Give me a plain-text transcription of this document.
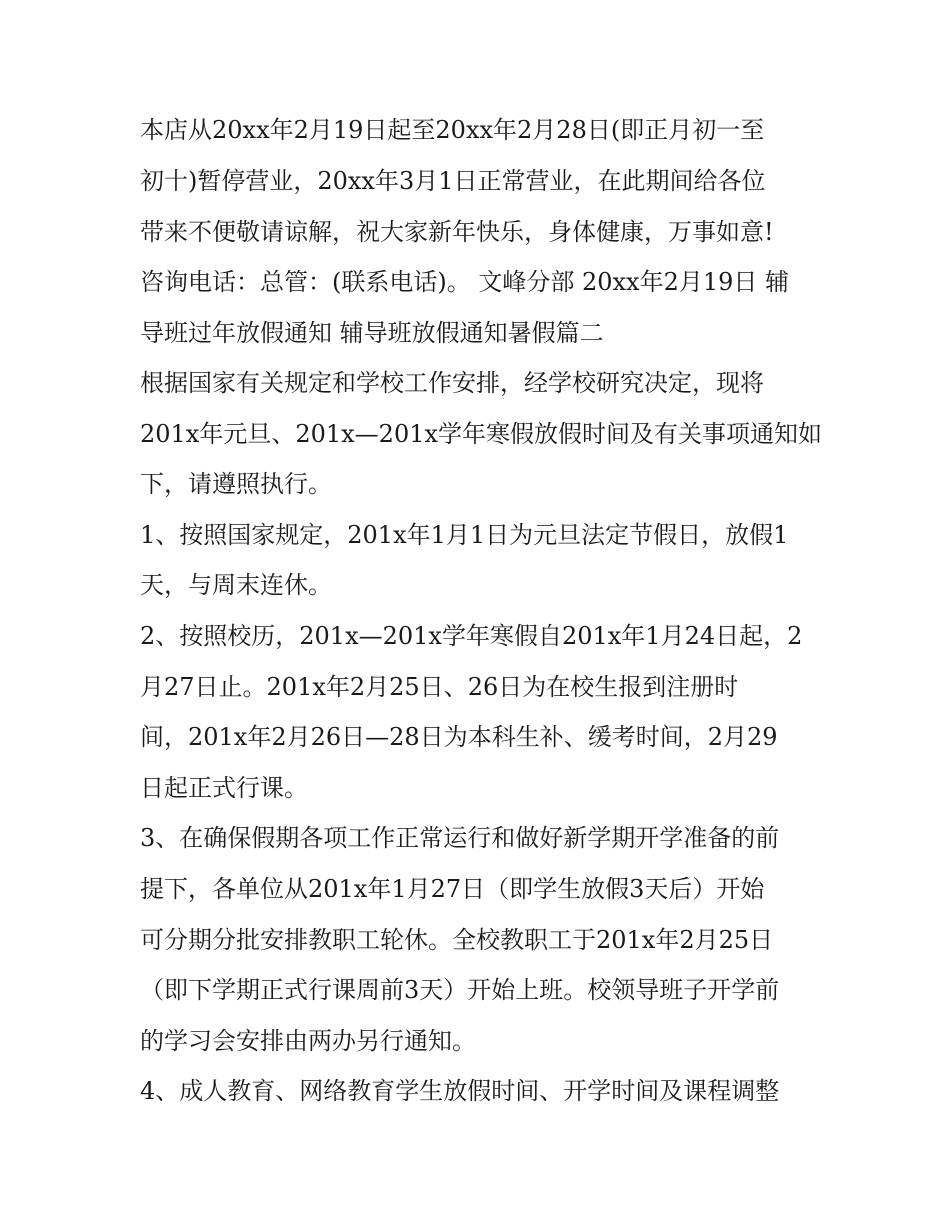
本店从20xx年2月19日起至20xx年2月28日(即正月初一至
初十)暂停营业，20xx年3月1日正常营业，在此期间给各位
带来不便敬请谅解，祝大家新年快乐，身体健康，万事如意!
咨询电话：总管：(联系电话)。 文峰分部 20xx年2月19日 辅
导班过年放假通知 辅导班放假通知暑假篇二
根据国家有关规定和学校工作安排，经学校研究决定，现将
201x年元旦、201x—201x学年寒假放假时间及有关事项通知如
下，请遵照执行。
1、按照国家规定，201x年1月1日为元旦法定节假日，放假1
天，与周末连休。
2、按照校历，201x—201x学年寒假自201x年1月24日起，2
月27日止。201x年2月25日、26日为在校生报到注册时
间，201x年2月26日—28日为本科生补、缓考时间，2月29
日起正式行课。
3、在确保假期各项工作正常运行和做好新学期开学准备的前
提下，各单位从201x年1月27日（即学生放假3天后）开始
可分期分批安排教职工轮休。全校教职工于201x年2月25日
（即下学期正式行课周前3天）开始上班。校领导班子开学前
的学习会安排由两办另行通知。
4、成人教育、网络教育学生放假时间、开学时间及课程调整
